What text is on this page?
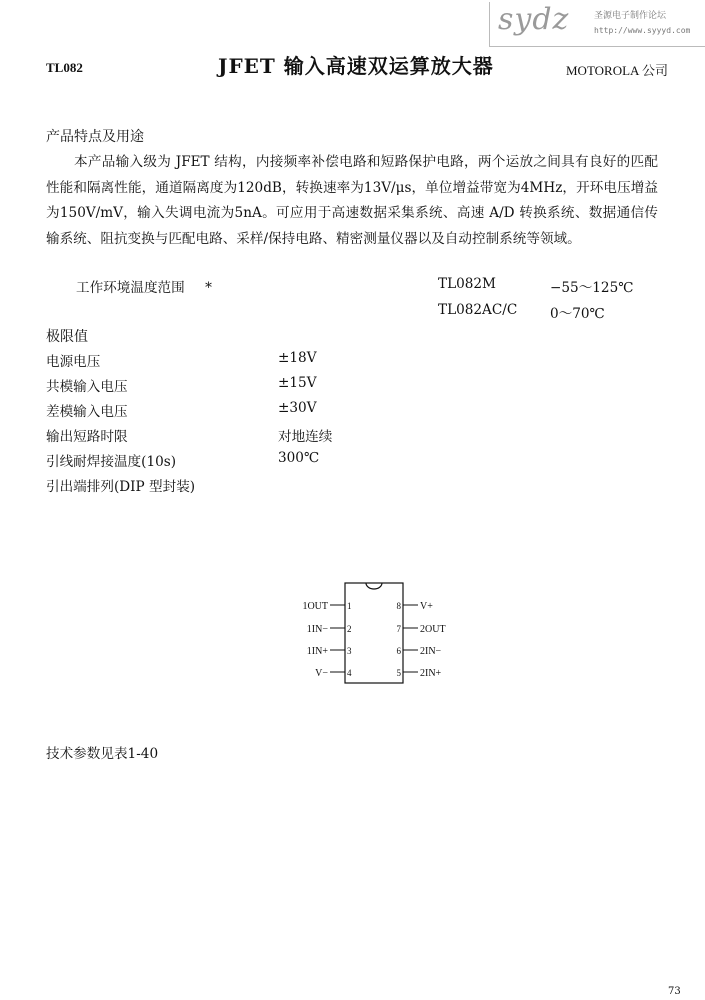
sydz	圣源电子制作论坛
http://www.syyyd.com
TL082	JFET 输入高速双运算放大器	MOTOROLA 公司
产品特点及用途

本产品输入级为 JFET 结构，内接频率补偿电路和短路保护电路，两个运放之间具有良好的匹配性能和隔离性能，通道隔离度为120dB，转换速率为13V/μs，单位增益带宽为4MHz，开环电压增益为150V/mV，输入失调电流为5nA。可应用于高速数据采集系统、高速 A/D 转换系统、数据通信传输系统、阻抗变换与匹配电路、采样/保持电路、精密测量仪器以及自动控制系统等领域。

工作环境温度范围 *	TL082M	−55～125℃
TL082AC/C 0～70℃
极限值
电源电压	±18V
共模输入电压	±15V
差模输入电压	±30V
输出短路时限	对地连续
引线耐焊接温度(10s)	300℃
引出端排列(DIP 型封装)
1OUT 1
1IN− 2
1IN+ 3
V− 4
8 V+
7 2OUT
6 2IN−
5 2IN+
技术参数见表1-40
73
